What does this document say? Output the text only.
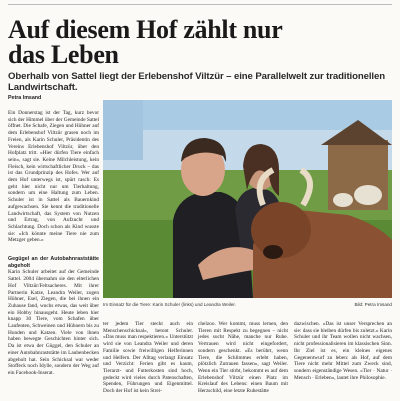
Auf diesem Hof zählt nur das Leben

Oberhalb von Sattel liegt der Erlebenshof Viltzür – eine Parallelwelt zur traditionellen Landwirtschaft.

Petra Imsand

Ein Donnerstag ist der Tag, kurz bevor sich der Himmel über der Gemeinde Sattel öffnet. Die Schafe, Ziegen und Hühner auf dem Erlebenshof Viltzür grasen noch im Freien, als Karin Schuler, Präsidentin des Vereins Erlebenshof Viltzür, über den Hofplatz tritt. «Hier dürfen Tiere einfach sein», sagt sie. Keine Milchleistung, kein Fleisch, kein wirtschaftlicher Druck – das ist das Grundprinzip des Hofes. Wer auf dem Hof unterwegs ist, spürt rasch: Es geht hier nicht nur um Tierhaltung, sondern um eine Haltung zum Leben. Schuler ist in Sattel als Bauernkind aufgewachsen. Sie kennt die traditionelle Landwirtschaft, das System von Nutzen und Ertrag, von Aufzucht und Schlachtung. Doch schon als Kind wusste sie: «Ich könnte meine Tiere nie zum Metzger geben.»

Gegügel an der Autobahnraststätte abgeholt

Karin Schuler arbeitet auf der Gemeinde Sattel. 2004 übernahm sie den elterlichen Hof Viltzür/Feltsacheres. Mit ihrer Partnerin Katze, Leandra Weiler, zogen Hühner, Esel, Ziegen, die bei ihnen ein Zuhause fand, wuchs etwas, das weit über ein Hobby hinausgeht. Heute leben hier knapp 30 Tiere, vom Schafen über Laufenten, Schweinen und Hühnern bis zu Hunden und Katzen. Viele von ihnen haben bewegte Geschichten hinter sich. Da ist etwa der Güggel, den Schuler an einer Autobahnraststätte im Laubenbecken abgeholt hat. Sein Schicksal war weder Stoffeck noch Idylle, sondern der Weg auf ein Facebook-Inserat.

Im Einsatz für die Tiere: Karin Schuler (links) und Leandra Weiler.	Bild: Petra Imsand

ter jedem Tier steckt auch ein Menschenschicksal», betont Schuler. «Das muss man respektieren.» Unterstützt wird sie von Leandra Weiler und deren Familie sowie freiwilligen Helferinnen und Helfern. Der Alltag verlangt Einsatz und Verzicht: Ferien gibt es kaum, Tierarzt- und Futterkosten sind hoch, gedeckt wird vieles durch Patenschaften, Spenden, Führungen und Eigenmittel. Doch der Hof ist kein Strei-

chelzoo. Wer kommt, muss lernen, den Tieren mit Respekt zu begegnen – nicht jedes sucht Nähe, manche nur Ruhe. Vertrauen wird nicht eingefordert, sondern geschenkt. «Es berührt, wenn Tiere, die Schlimmes erlebt haben, plötzlich Zutrauen fassen», sagt Weiler. Wenn ein Tier stirbt, bekommt es auf dem Erlebenshof Viltzür einen Platz im Kreislauf des Lebens: einen Baum mit Herzschild, eine letzte Ruhestätte

dazwischen. «Das ist unser Versprechen an sie: dass sie bleiben dürfen bis zuletzt.» Karin Schuler und ihr Team wollen nicht wachsen, nicht professionalisieren im klassischen Sinn. Ihr Ziel ist es, ein kleines eigenes Gegenentwurf zu leben: als Hof, auf dem Tiere nicht mehr Mittel zum Zweck sind, sondern eigenständige Wesen. «Tier · Natur · Mensch · Erleben», lautet ihre Philosophie.
